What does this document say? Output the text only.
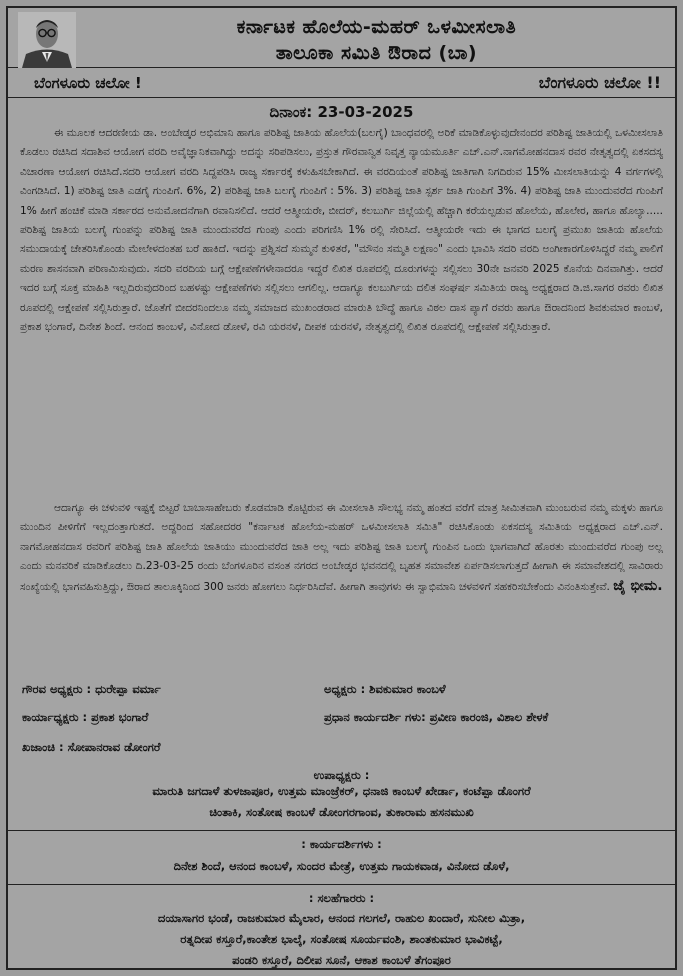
ಕರ್ನಾಟಕ ಹೊಲೆಯ-ಮಹರ್ ಒಳಮೀಸಲಾತಿ
ತಾಲೂಕಾ ಸಮಿತಿ ಔರಾದ (ಬಾ)
ಬೆಂಗಳೂರು ಚಲೋ !	ಬೆಂಗಳೂರು ಚಲೋ !!
ದಿನಾಂಕ: 23-03-2025

ಈ ಮೂಲಕ ಆದರಣೀಯ ಡಾ. ಅಂಬೇಡ್ಕರ ಅಭಿಮಾನಿ ಹಾಗೂ ಪರಿಶಿಷ್ಟ ಜಾತಿಯ ಹೊಲೆಯ(ಬಲಗೈ) ಬಾಂಧವರಲ್ಲಿ ಅರಿಕೆ ಮಾಡಿಕೊಳ್ಳುವುದೇನಂದರ ಪರಿಶಿಷ್ಟ ಜಾತಿಯಲ್ಲಿ ಒಳಮೀಸಲಾತಿ ಕೊಡಲು ರಚಿಸಿದ ಸದಾಶಿವ ಆಯೋಗ ವರದಿ ಅವೈಜ್ಞಾನಿಕವಾಗಿದ್ದು ಅದನ್ನು ಸರಿಪಡಿಸಲು, ಪ್ರಸ್ತುತ ಗೌರವಾನ್ವಿತ ನಿವೃತ್ತ ನ್ಯಾಯಮೂರ್ತಿ ಎಚ್.ಎನ್.ನಾಗಮೋಹನದಾಸ ರವರ ನೇತೃತ್ವದಲ್ಲಿ ಏಕಸದಸ್ಯ ವಿಚಾರಣಾ ಆಯೋಗ ರಚಿಸಿದೆ.ಸದರಿ ಆಯೋಗ ವರದಿ ಸಿದ್ದಪಡಿಸಿ ರಾಜ್ಯ ಸರ್ಕಾರಕ್ಕೆ ಕಳುಹಿಸಬೇಕಾಗಿದೆ. ಈ ವರದಿಯಂತೆ ಪರಿಶಿಷ್ಟ ಜಾತಿಗಾಗಿ ನಿಗದಿರುವ 15% ಮೀಸಲಾತಿಯನ್ನು 4 ವರ್ಗಗಳಲ್ಲಿ ವಿಂಗಡಿಸಿದೆ. 1) ಪರಿಶಿಷ್ಟ ಜಾತಿ ಎಡಗೈ ಗುಂಪಿಗೆ. 6%, 2) ಪರಿಶಿಷ್ಟ ಜಾತಿ ಬಲಗೈ ಗುಂಪಿಗೆ : 5%. 3) ಪರಿಶಿಷ್ಟ ಜಾತಿ ಸ್ಪರ್ಶ ಜಾತಿ ಗುಂಪಿಗೆ 3%. 4) ಪರಿಶಿಷ್ಟ ಜಾತಿ ಮುಂದುವರೆದ ಗುಂಪಿಗೆ 1% ಹೀಗೆ ಹಂಚಿಕೆ ಮಾಡಿ ಸರ್ಕಾರದ ಅನುಮೋದನೆಗಾಗಿ ರವಾನಿಸಲಿದೆ. ಆದರೆ ಆತ್ಮೀಯರೇ, ಬೀದರ್, ಕಲಬುರ್ಗಿ ಜಿಲ್ಲೆಯಲ್ಲಿ ಹೆಚ್ಚಾಗಿ ಕರೆಯಲ್ಪಡುವ ಹೊಲೆಯ, ಹೊಲೇರ, ಹಾಗೂ ಹೊಲ್ಯಾ..... ಪರಿಶಿಷ್ಟ ಜಾತಿಯ ಬಲಗೈ ಗುಂಪನ್ನು ಪರಿಶಿಷ್ಟ ಜಾತಿ ಮುಂದುವರೆದ ಗುಂಪು ಎಂದು ಪರಿಗಣಿಸಿ 1% ರಲ್ಲಿ ಸೇರಿಸಿದೆ. ಆತ್ಮೀಯರೇ ಇದು ಈ ಭಾಗದ ಬಲಗೈ ಪ್ರಮುಖ ಜಾತಿಯ ಹೊಲೆಯ ಸಮುದಾಯಕ್ಕೆ ಚೇತರಿಸಿಕೊಂಡು ಮೇಲೇಳದಂತಹ ಬರೆ ಹಾಕಿದೆ. ಇದನ್ನು ಪ್ರಶ್ನಿಸದೆ ಸುಮ್ಮನೆ ಕುಳಿತರೆ, "ಮೌನಂ ಸಮ್ಮತಿ ಲಕ್ಷಣಂ" ಎಂದು ಭಾವಿಸಿ ಸದರಿ ವರದಿ ಅಂಗೀಕಾರಗೊಳಿಸಿದ್ದರೆ ನಮ್ಮ ಪಾಲಿಗೆ ಮರಣ ಶಾಸನವಾಗಿ ಪರಿಣಮಿಸುವುದು. ಸದರಿ ವರದಿಯ ಬಗ್ಗೆ ಆಕ್ಷೇಪಣೆಗಳೇನಾದರೂ ಇದ್ದರೆ ಲಿಖಿತ ರೂಪದಲ್ಲಿ ದೂರುಗಳನ್ನು ಸಲ್ಲಿಸಲು 30ನೇ ಜನವರಿ 2025 ಕೊನೆಯ ದಿನವಾಗಿತ್ತು. ಆದರೆ ಇದರ ಬಗ್ಗೆ ಸೂಕ್ತ ಮಾಹಿತಿ ಇಲ್ಲದಿರುವುದರಿಂದ ಬಹಳಷ್ಟು ಆಕ್ಷೇಪಣೆಗಳು ಸಲ್ಲಿಸಲು ಆಗಲಿಲ್ಲ. ಆದಾಗ್ಯೂ ಕಲಬುರ್ಗಿಯ ದಲಿತ ಸಂಘರ್ಷ ಸಮಿತಿಯ ರಾಜ್ಯ ಅಧ್ಯಕ್ಷರಾದ ಡಿ.ಜಿ.ಸಾಗರ ರವರು ಲಿಖಿತ ರೂಪದಲ್ಲಿ ಆಕ್ಷೇಪಣೆ ಸಲ್ಲಿಸಿರುತ್ತಾರೆ. ಜೊತೆಗೆ ಬೀದರನಿಂದಲೂ ನಮ್ಮ ಸಮಾಜದ ಮುಖಂಡರಾದ ಮಾರುತಿ ಬೌದ್ಧೆ ಹಾಗೂ ವಿಠಲ ದಾಸ ಪ್ಯಾಗೆ ರವರು ಹಾಗೂ ಔರಾದನಿಂದ ಶಿವಕುಮಾರ ಕಾಂಬಳೆ, ಪ್ರಕಾಶ ಭಂಗಾರೆ, ದಿನೇಶ ಶಿಂದೆ. ಆನಂದ ಕಾಂಬಳೆ, ವಿನೋದ ಡೋಳೆ, ರವಿ ಯರನಳೆ, ದೀಪಕ ಯರನಳೆ, ನೇತೃತ್ವದಲ್ಲಿ ಲಿಖಿತ ರೂಪದಲ್ಲಿ ಆಕ್ಷೇಪಣೆ ಸಲ್ಲಿಸಿರುತ್ತಾರೆ.

ಆದಾಗ್ಯೂ ಈ ಚಳುವಳಿ ಇಷ್ಟಕ್ಕೆ ಬಿಟ್ಟರೆ ಬಾಬಾಸಾಹೇಬರು ಕೊಡಮಾಡಿ ಕೊಟ್ಟಿರುವ ಈ ಮೀಸಲಾತಿ ಸೌಲಭ್ಯ ನಮ್ಮ ಹಂತದ ವರೆಗೆ ಮಾತ್ರ ಸೀಮಿತವಾಗಿ ಮುಂಬರುವ ನಮ್ಮ ಮಕ್ಕಳು ಹಾಗೂ ಮುಂದಿನ ಪೀಳಿಗೆಗೆ ಇಲ್ಲದಂತ್ತಾಗುತದೆ. ಅದ್ದರಿಂದ ಸಹೋದರರ "ಕರ್ನಾಟಕ ಹೊಲೆಯ-ಮಹರ್ ಒಳಮೀಸಲಾತಿ ಸಮಿತಿ" ರಚಿಸಿಕೊಂಡು ಏಕಸದಸ್ಯ ಸಮಿತಿಯ ಅಧ್ಯಕ್ಷರಾದ ಎಚ್.ಎನ್. ನಾಗಮೋಹನದಾಸ ರವರಿಗೆ ಪರಿಶಿಷ್ಟ ಜಾತಿ ಹೊಲೆಯ ಜಾತಿಯು ಮುಂದುವರೆದ ಜಾತಿ ಅಲ್ಲ ಇದು ಪರಿಶಿಷ್ಟ ಜಾತಿ ಬಲಗೈ ಗುಂಪಿನ ಒಂದು ಭಾಗವಾಗಿದೆ ಹೊರತು ಮುಂದುವರೆದ ಗುಂಪು ಅಲ್ಲ ಎಂದು ಮನವರಿಕೆ ಮಾಡಿಕೊಡಲು ದಿ.23-03-25 ರಂದು ಬೆಂಗಳೂರಿನ ವಸಂತ ನಗರದ ಅಂಬೇಡ್ಕರ ಭವನದಲ್ಲಿ ಬೃಹತ ಸಮಾವೇಶ ಏರ್ಪಡಿಸಲಾಗುತ್ತದೆ ಹೀಗಾಗಿ ಈ ಸಮಾವೇಶದಲ್ಲಿ ಸಾವಿರಾರು ಸಂಖ್ಯೆಯಲ್ಲಿ ಭಾಗವಹಿಸುತ್ತಿದ್ದು, ಔರಾದ ತಾಲೂಕ್ಕಿನಿಂದ 300 ಜನರು ಹೋಗಲು ನಿರ್ಧರಿಸಿದೆವೆ. ಹೀಗಾಗಿ ತಾವುಗಳು ಈ ಸ್ವಾಭಿಮಾನಿ ಚಳವಳಿಗೆ ಸಹಕರಿಸಬೇಕೆಂದು ವಿನಂತಿಸುತ್ತೇವೆ. ಜೈ ಭೀಮ.

ಗೌರವ ಅಧ್ಯಕ್ಷರು : ಧುರೇಪ್ಪಾ ವರ್ಮಾ	ಅಧ್ಯಕ್ಷರು : ಶಿವಕುಮಾರ ಕಾಂಬಳೆ
ಕಾರ್ಯಾಧ್ಯಕ್ಷರು : ಪ್ರಕಾಶ ಭಂಗಾರೆ	ಪ್ರಧಾನ ಕಾರ್ಯದರ್ಶಿ ಗಳು: ಪ್ರವೀಣ ಕಾರಂಜಿ, ವಿಶಾಲ ಶೇಳಕೆ
ಖಜಾಂಚಿ : ಸೋಪಾನರಾವ ಡೋಂಗರೆ
ಉಪಾಧ್ಯಕ್ಷರು :
ಮಾರುತಿ ಜಗದಾಳೆ ತುಳಜಾಪೂರ, ಉತ್ತಮ ಮಾಂಜ್ರೆಕರ್, ಧನಾಜಿ ಕಾಂಬಳೆ ಖೇರ್ಡಾ, ಕಂಟೆಪ್ಪಾ ಡೊಂಗರೆ
ಚಿಂತಾಕಿ, ಸಂತೋಷ ಕಾಂಬಳೆ ಡೋಂಗರಗಾಂವ, ತುಕಾರಾಮ ಹಸನಮುಖಿ
: ಕಾರ್ಯದರ್ಶಿಗಳು :
ದಿನೇಶ ಶಿಂದೆ, ಆನಂದ ಕಾಂಬಳೆ, ಸುಂದರ ಮೇತ್ರೆ, ಉತ್ತಮ ಗಾಯಕವಾಡ, ವಿನೋದ ಡೊಳೆ,
: ಸಲಹೆಗಾರರು :
ದಯಾಸಾಗರ ಭಂಡೆ, ರಾಜಕುಮಾರ ಮೈಲಾರ, ಆನಂದ ಗಲಗಲೆ, ರಾಹುಲ ಖಂದಾರೆ, ಸುನೀಲ ಮಿತ್ರಾ,
ರತ್ನದೀಪ ಕಸ್ತೂರೆ,ಕಾಂತೇಶ ಭಾಲ್ಕೆ, ಸಂತೋಷ ಸೂರ್ಯವಂಶಿ, ಶಾಂತಕುಮಾರ ಭಾವಿಕಟ್ಟೆ,
ಪಂಡರಿ ಕಸ್ತೂರೆ, ದಿಲೀಪ ಸೂನೆ, ಆಕಾಶ ಕಾಂಬಳೆ ತೆಗಂಪೂರ
